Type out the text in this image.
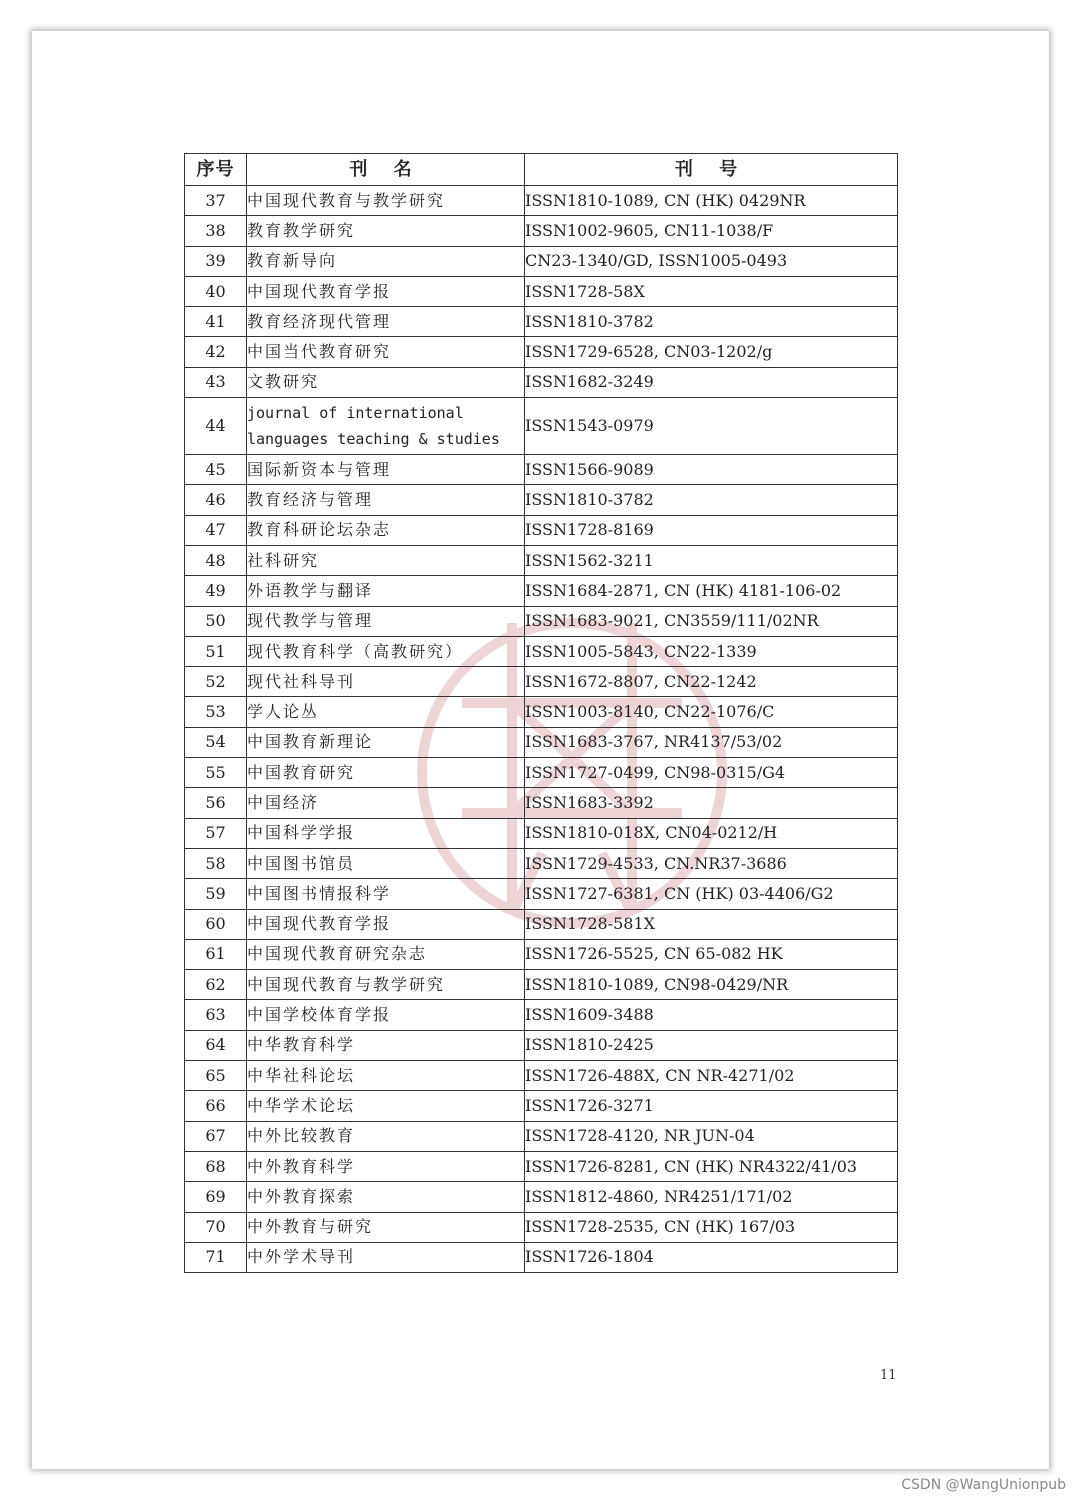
序号	刊 名	刊 号
37	中国现代教育与教学研究	ISSN1810-1089, CN (HK) 0429NR
38	教育教学研究	ISSN1002-9605, CN11-1038/F
39	教育新导向	CN23-1340/GD, ISSN1005-0493
40	中国现代教育学报	ISSN1728-58X
41	教育经济现代管理	ISSN1810-3782
42	中国当代教育研究	ISSN1729-6528, CN03-1202/g
43	文教研究	ISSN1682-3249
44	journal of international
languages teaching & studies	ISSN1543-0979
45	国际新资本与管理	ISSN1566-9089
46	教育经济与管理	ISSN1810-3782
47	教育科研论坛杂志	ISSN1728-8169
48	社科研究	ISSN1562-3211
49	外语教学与翻译	ISSN1684-2871, CN (HK) 4181-106-02
50	现代教学与管理	ISSN1683-9021, CN3559/111/02NR
51	现代教育科学（高教研究）	ISSN1005-5843, CN22-1339
52	现代社科导刊	ISSN1672-8807, CN22-1242
53	学人论丛	ISSN1003-8140, CN22-1076/C
54	中国教育新理论	ISSN1683-3767, NR4137/53/02
55	中国教育研究	ISSN1727-0499, CN98-0315/G4
56	中国经济	ISSN1683-3392
57	中国科学学报	ISSN1810-018X, CN04-0212/H
58	中国图书馆员	ISSN1729-4533, CN.NR37-3686
59	中国图书情报科学	ISSN1727-6381, CN (HK) 03-4406/G2
60	中国现代教育学报	ISSN1728-581X
61	中国现代教育研究杂志	ISSN1726-5525, CN 65-082 HK
62	中国现代教育与教学研究	ISSN1810-1089, CN98-0429/NR
63	中国学校体育学报	ISSN1609-3488
64	中华教育科学	ISSN1810-2425
65	中华社科论坛	ISSN1726-488X, CN NR-4271/02
66	中华学术论坛	ISSN1726-3271
67	中外比较教育	ISSN1728-4120, NR JUN-04
68	中外教育科学	ISSN1726-8281, CN (HK) NR4322/41/03
69	中外教育探索	ISSN1812-4860, NR4251/171/02
70	中外教育与研究	ISSN1728-2535, CN (HK) 167/03
71	中外学术导刊	ISSN1726-1804
11
CSDN @WangUnionpub
